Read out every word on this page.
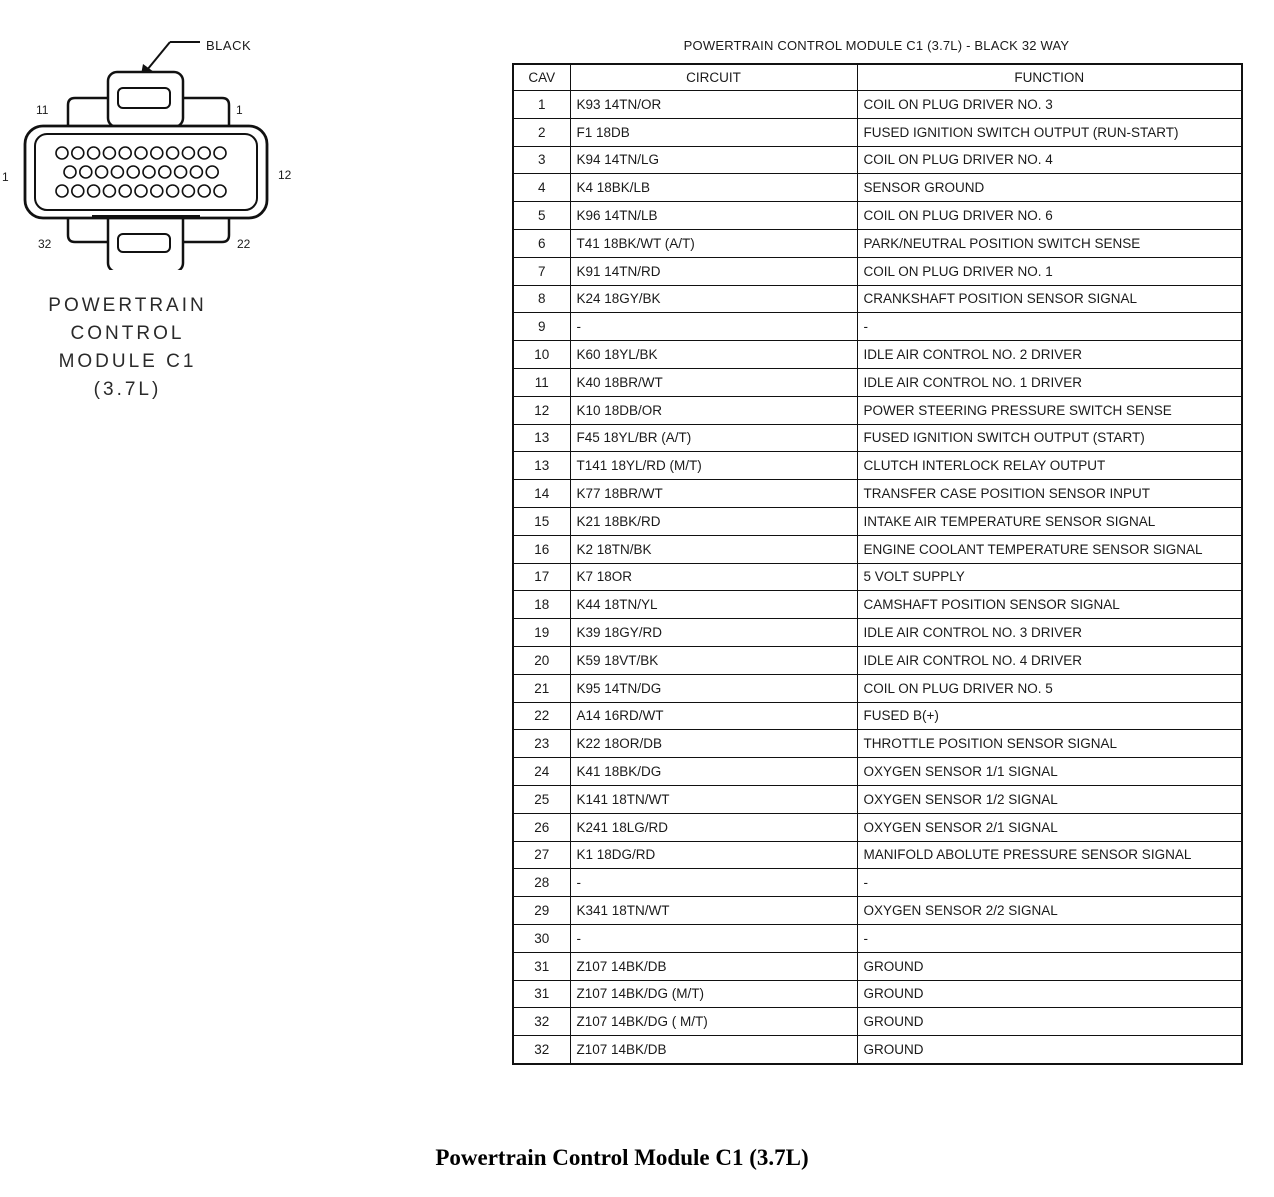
BLACK
11	1
1	12
32	22
POWERTRAIN
CONTROL
MODULE C1
(3.7L)
POWERTRAIN CONTROL MODULE C1 (3.7L) - BLACK 32 WAY
CAV	CIRCUIT	FUNCTION
1	K93 14TN/OR	COIL ON PLUG DRIVER NO. 3
2	F1 18DB	FUSED IGNITION SWITCH OUTPUT (RUN-START)
3	K94 14TN/LG	COIL ON PLUG DRIVER NO. 4
4	K4 18BK/LB	SENSOR GROUND
5	K96 14TN/LB	COIL ON PLUG DRIVER NO. 6
6	T41 18BK/WT (A/T)	PARK/NEUTRAL POSITION SWITCH SENSE
7	K91 14TN/RD	COIL ON PLUG DRIVER NO. 1
8	K24 18GY/BK	CRANKSHAFT POSITION SENSOR SIGNAL
9	-	-
10	K60 18YL/BK	IDLE AIR CONTROL NO. 2 DRIVER
11	K40 18BR/WT	IDLE AIR CONTROL NO. 1 DRIVER
12	K10 18DB/OR	POWER STEERING PRESSURE SWITCH SENSE
13	F45 18YL/BR (A/T)	FUSED IGNITION SWITCH OUTPUT (START)
13	T141 18YL/RD (M/T)	CLUTCH INTERLOCK RELAY OUTPUT
14	K77 18BR/WT	TRANSFER CASE POSITION SENSOR INPUT
15	K21 18BK/RD	INTAKE AIR TEMPERATURE SENSOR SIGNAL
16	K2 18TN/BK	ENGINE COOLANT TEMPERATURE SENSOR SIGNAL
17	K7 18OR	5 VOLT SUPPLY
18	K44 18TN/YL	CAMSHAFT POSITION SENSOR SIGNAL
19	K39 18GY/RD	IDLE AIR CONTROL NO. 3 DRIVER
20	K59 18VT/BK	IDLE AIR CONTROL NO. 4 DRIVER
21	K95 14TN/DG	COIL ON PLUG DRIVER NO. 5
22	A14 16RD/WT	FUSED B(+)
23	K22 18OR/DB	THROTTLE POSITION SENSOR SIGNAL
24	K41 18BK/DG	OXYGEN SENSOR 1/1 SIGNAL
25	K141 18TN/WT	OXYGEN SENSOR 1/2 SIGNAL
26	K241 18LG/RD	OXYGEN SENSOR 2/1 SIGNAL
27	K1 18DG/RD	MANIFOLD ABOLUTE PRESSURE SENSOR SIGNAL
28	-	-
29	K341 18TN/WT	OXYGEN SENSOR 2/2 SIGNAL
30	-	-
31	Z107 14BK/DB	GROUND
31	Z107 14BK/DG (M/T)	GROUND
32	Z107 14BK/DG ( M/T)	GROUND
32	Z107 14BK/DB	GROUND
Powertrain Control Module C1 (3.7L)
